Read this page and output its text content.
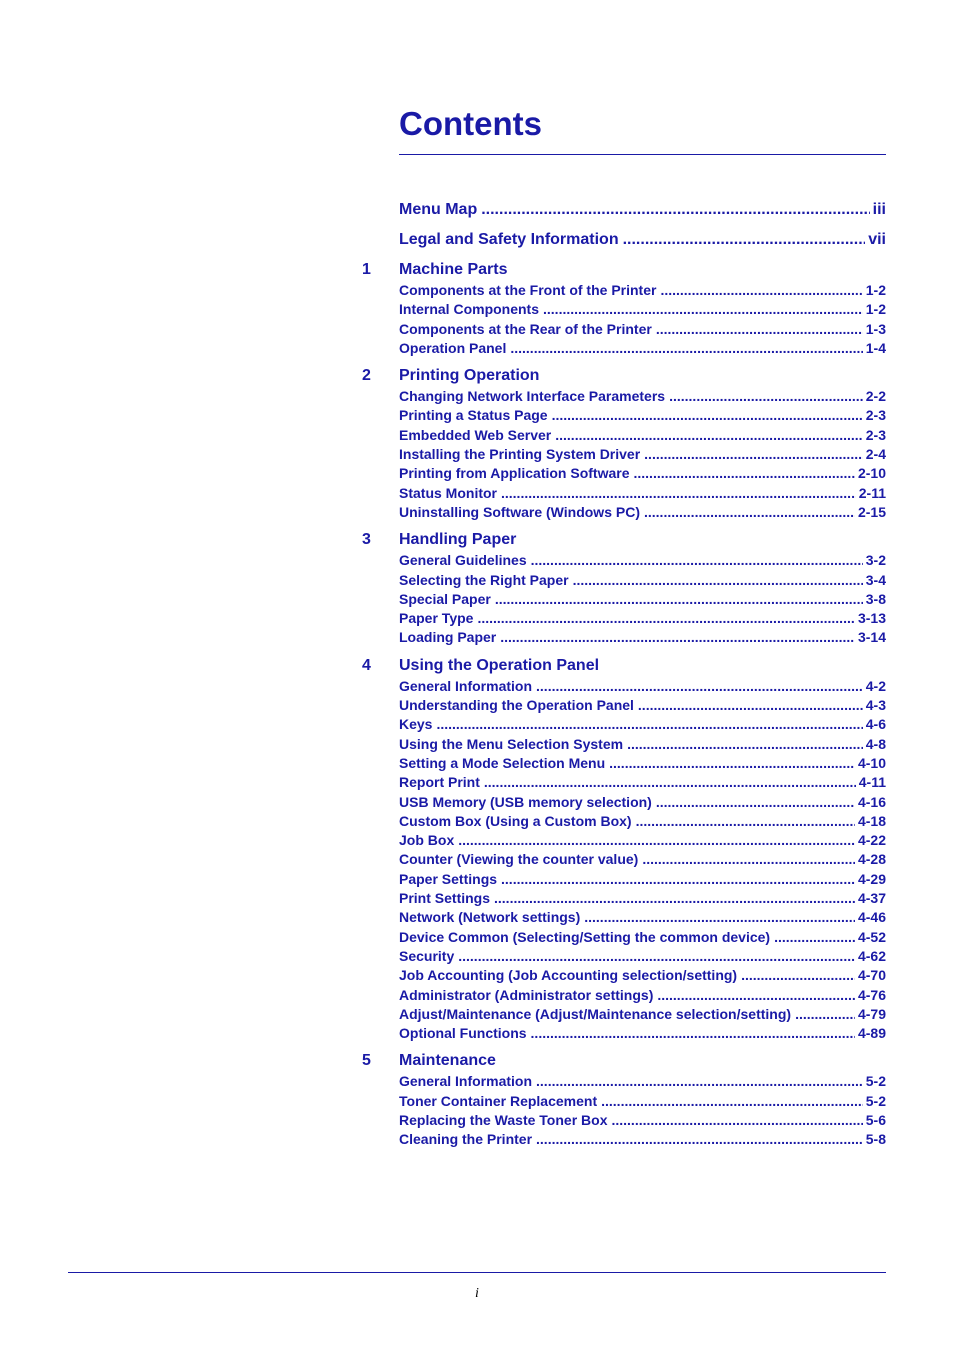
Contents
Menu Map .....	iii
Legal and Safety Information .....	vii
1	Machine Parts
Components at the Front of the Printer .....	1-2
Internal Components .....	1-2
Components at the Rear of the Printer .....	1-3
Operation Panel .....	1-4
2	Printing Operation
Changing Network Interface Parameters .....	2-2
Printing a Status Page .....	2-3
Embedded Web Server .....	2-3
Installing the Printing System Driver .....	2-4
Printing from Application Software .....	2-10
Status Monitor .....	2-11
Uninstalling Software (Windows PC) .....	2-15
3	Handling Paper
General Guidelines .....	3-2
Selecting the Right Paper .....	3-4
Special Paper .....	3-8
Paper Type .....	3-13
Loading Paper .....	3-14
4	Using the Operation Panel
General Information .....	4-2
Understanding the Operation Panel .....	4-3
Keys .....	4-6
Using the Menu Selection System .....	4-8
Setting a Mode Selection Menu .....	4-10
Report Print .....	4-11
USB Memory (USB memory selection) .....	4-16
Custom Box (Using a Custom Box) .....	4-18
Job Box .....	4-22
Counter (Viewing the counter value) .....	4-28
Paper Settings .....	4-29
Print Settings .....	4-37
Network (Network settings) .....	4-46
Device Common (Selecting/Setting the common device) .....	4-52
Security .....	4-62
Job Accounting (Job Accounting selection/setting) .....	4-70
Administrator (Administrator settings) .....	4-76
Adjust/Maintenance (Adjust/Maintenance selection/setting) .....	4-79
Optional Functions .....	4-89
5	Maintenance
General Information .....	5-2
Toner Container Replacement .....	5-2
Replacing the Waste Toner Box .....	5-6
Cleaning the Printer .....	5-8
i
